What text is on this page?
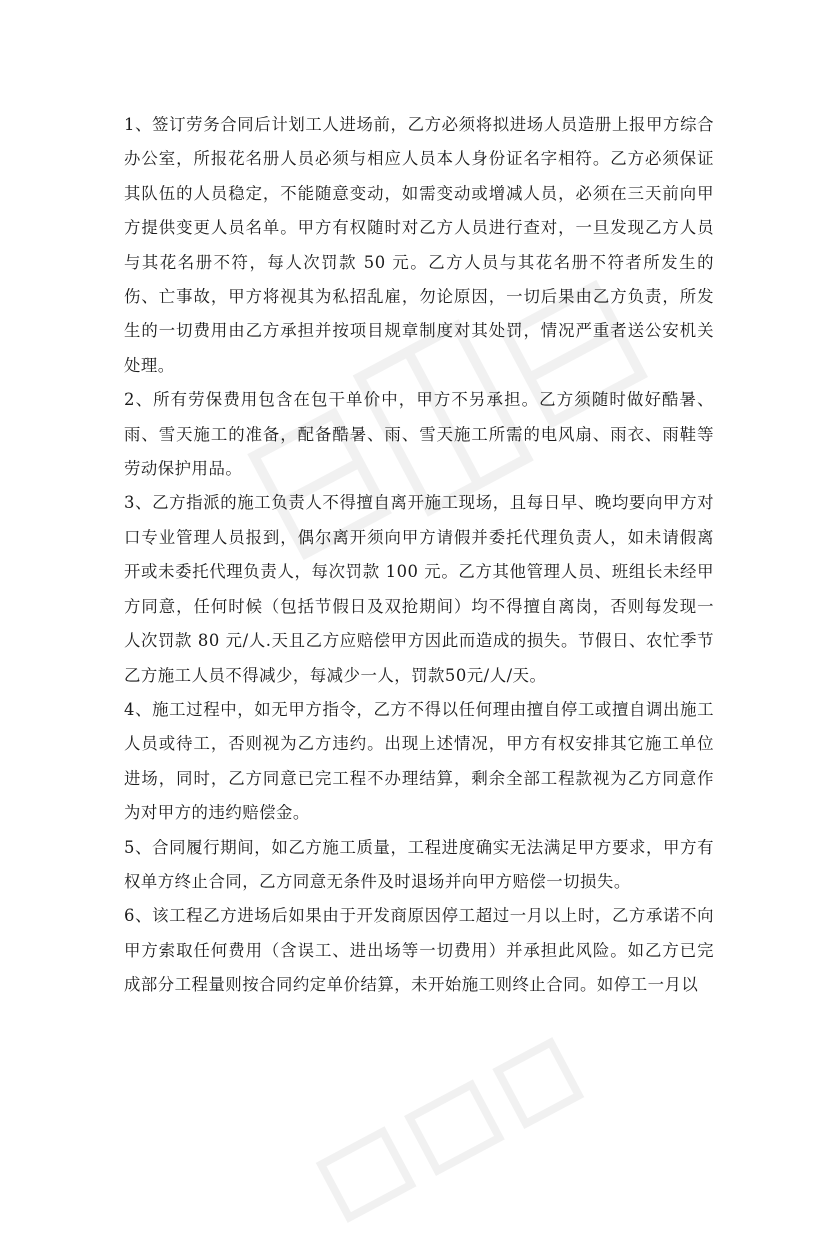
1、签订劳务合同后计划工人进场前，乙方必须将拟进场人员造册上报甲方综合办公室，所报花名册人员必须与相应人员本人身份证名字相符。乙方必须保证其队伍的人员稳定，不能随意变动，如需变动或增减人员，必须在三天前向甲方提供变更人员名单。甲方有权随时对乙方人员进行查对，一旦发现乙方人员与其花名册不符，每人次罚款 50 元。乙方人员与其花名册不符者所发生的伤、亡事故，甲方将视其为私招乱雇，勿论原因，一切后果由乙方负责，所发生的一切费用由乙方承担并按项目规章制度对其处罚，情况严重者送公安机关处理。

2、所有劳保费用包含在包干单价中，甲方不另承担。乙方须随时做好酷暑、雨、雪天施工的准备，配备酷暑、雨、雪天施工所需的电风扇、雨衣、雨鞋等劳动保护用品。

3、乙方指派的施工负责人不得擅自离开施工现场，且每日早、晚均要向甲方对口专业管理人员报到，偶尔离开须向甲方请假并委托代理负责人，如未请假离开或未委托代理负责人，每次罚款 100 元。乙方其他管理人员、班组长未经甲方同意，任何时候（包括节假日及双抢期间）均不得擅自离岗，否则每发现一人次罚款 80 元/人.天且乙方应赔偿甲方因此而造成的损失。节假日、农忙季节乙方施工人员不得减少，每减少一人，罚款50元/人/天。

4、施工过程中，如无甲方指令，乙方不得以任何理由擅自停工或擅自调出施工人员或待工，否则视为乙方违约。出现上述情况，甲方有权安排其它施工单位进场，同时，乙方同意已完工程不办理结算，剩余全部工程款视为乙方同意作为对甲方的违约赔偿金。

5、合同履行期间，如乙方施工质量，工程进度确实无法满足甲方要求，甲方有权单方终止合同，乙方同意无条件及时退场并向甲方赔偿一切损失。

6、该工程乙方进场后如果由于开发商原因停工超过一月以上时，乙方承诺不向甲方索取任何费用（含误工、进出场等一切费用）并承担此风险。如乙方已完成部分工程量则按合同约定单价结算，未开始施工则终止合同。如停工一月以
